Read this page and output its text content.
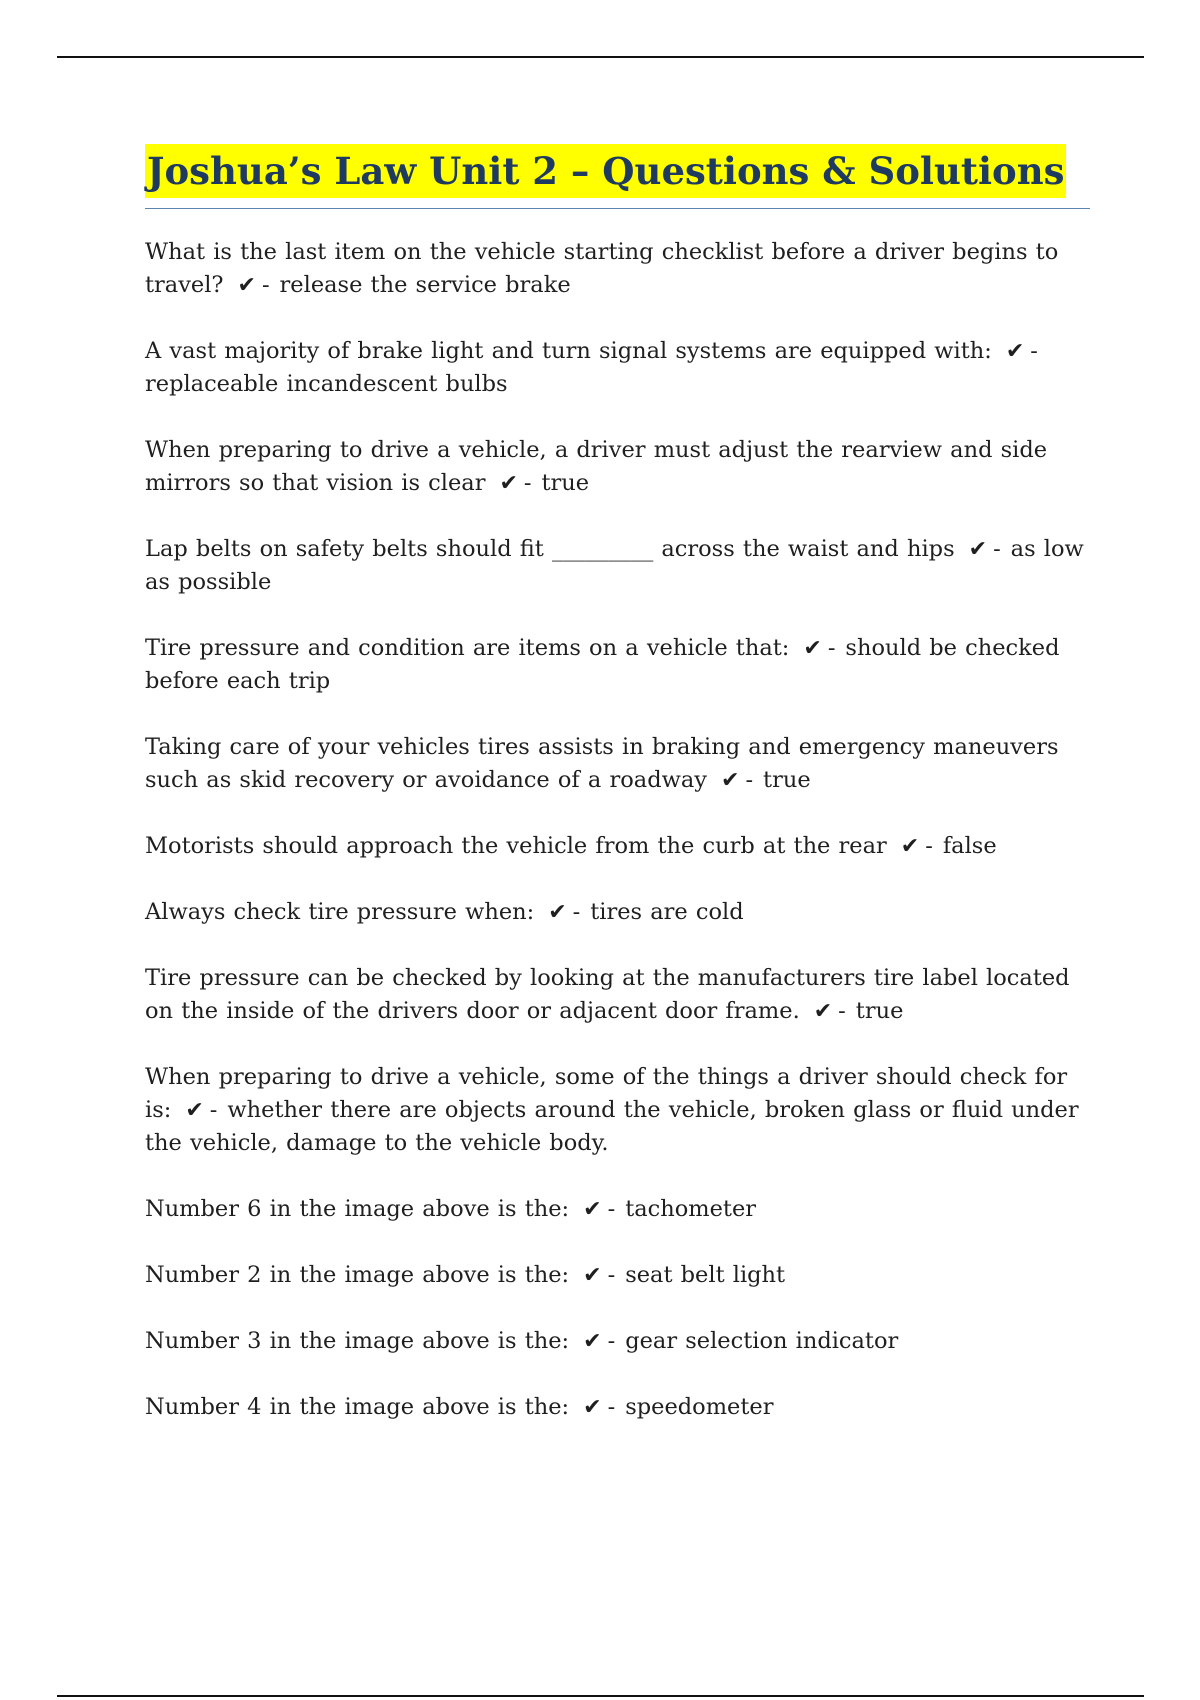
Joshua’s Law Unit 2 – Questions & Solutions

What is the last item on the vehicle starting checklist before a driver begins to travel? ✔ - release the service brake

A vast majority of brake light and turn signal systems are equipped with: ✔ -replaceable incandescent bulbs

When preparing to drive a vehicle, a driver must adjust the rearview and side mirrors so that vision is clear ✔ - true

Lap belts on safety belts should fit _________ across the waist and hips ✔ - as low as possible

Tire pressure and condition are items on a vehicle that: ✔ - should be checked before each trip

Taking care of your vehicles tires assists in braking and emergency maneuvers such as skid recovery or avoidance of a roadway ✔ - true

Motorists should approach the vehicle from the curb at the rear ✔ - false

Always check tire pressure when: ✔ - tires are cold

Tire pressure can be checked by looking at the manufacturers tire label located on the inside of the drivers door or adjacent door frame. ✔ - true

When preparing to drive a vehicle, some of the things a driver should check for is: ✔ - whether there are objects around the vehicle, broken glass or fluid under the vehicle, damage to the vehicle body.

Number 6 in the image above is the: ✔ - tachometer

Number 2 in the image above is the: ✔ - seat belt light

Number 3 in the image above is the: ✔ - gear selection indicator

Number 4 in the image above is the: ✔ - speedometer
